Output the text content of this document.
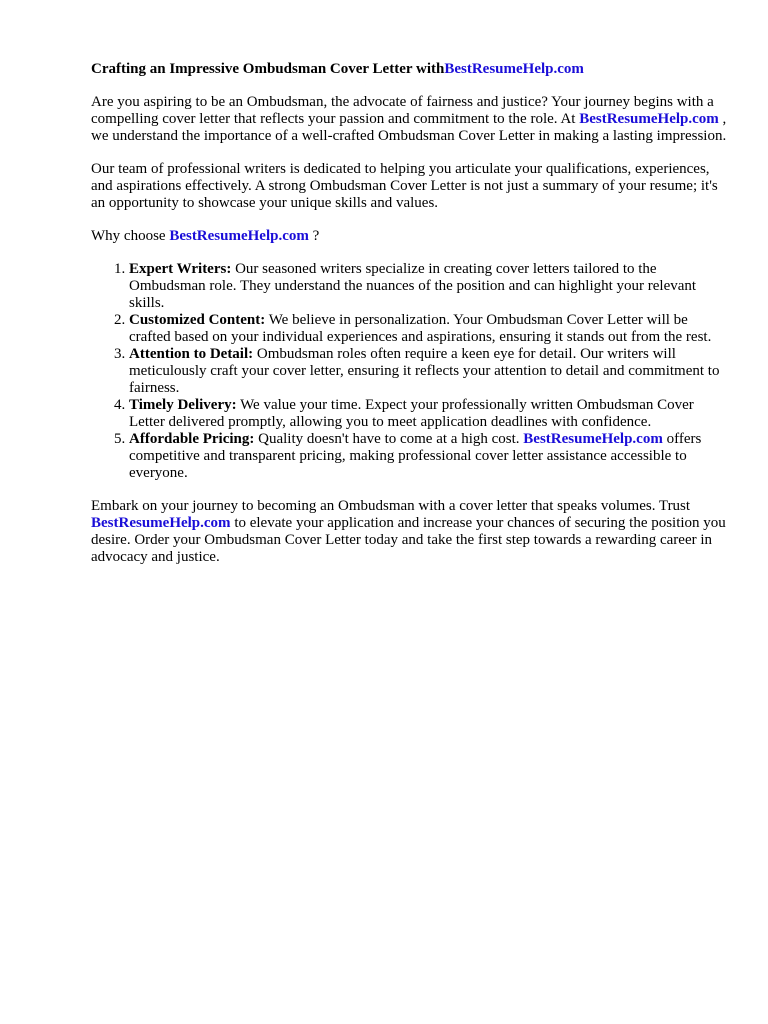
Crafting an Impressive Ombudsman Cover Letter withBestResumeHelp.com

Are you aspiring to be an Ombudsman, the advocate of fairness and justice? Your journey begins with a compelling cover letter that reflects your passion and commitment to the role. At BestResumeHelp.com , we understand the importance of a well-crafted Ombudsman Cover Letter in making a lasting impression.

Our team of professional writers is dedicated to helping you articulate your qualifications, experiences, and aspirations effectively. A strong Ombudsman Cover Letter is not just a summary of your resume; it's an opportunity to showcase your unique skills and values.

Why choose BestResumeHelp.com ?

1. Expert Writers: Our seasoned writers specialize in creating cover letters tailored to the Ombudsman role. They understand the nuances of the position and can highlight your relevant skills.
2. Customized Content: We believe in personalization. Your Ombudsman Cover Letter will be crafted based on your individual experiences and aspirations, ensuring it stands out from the rest.
3. Attention to Detail: Ombudsman roles often require a keen eye for detail. Our writers will meticulously craft your cover letter, ensuring it reflects your attention to detail and commitment to fairness.
4. Timely Delivery: We value your time. Expect your professionally written Ombudsman Cover Letter delivered promptly, allowing you to meet application deadlines with confidence.
5. Affordable Pricing: Quality doesn't have to come at a high cost. BestResumeHelp.com offers competitive and transparent pricing, making professional cover letter assistance accessible to everyone.

Embark on your journey to becoming an Ombudsman with a cover letter that speaks volumes. Trust BestResumeHelp.com to elevate your application and increase your chances of securing the position you desire. Order your Ombudsman Cover Letter today and take the first step towards a rewarding career in advocacy and justice.
